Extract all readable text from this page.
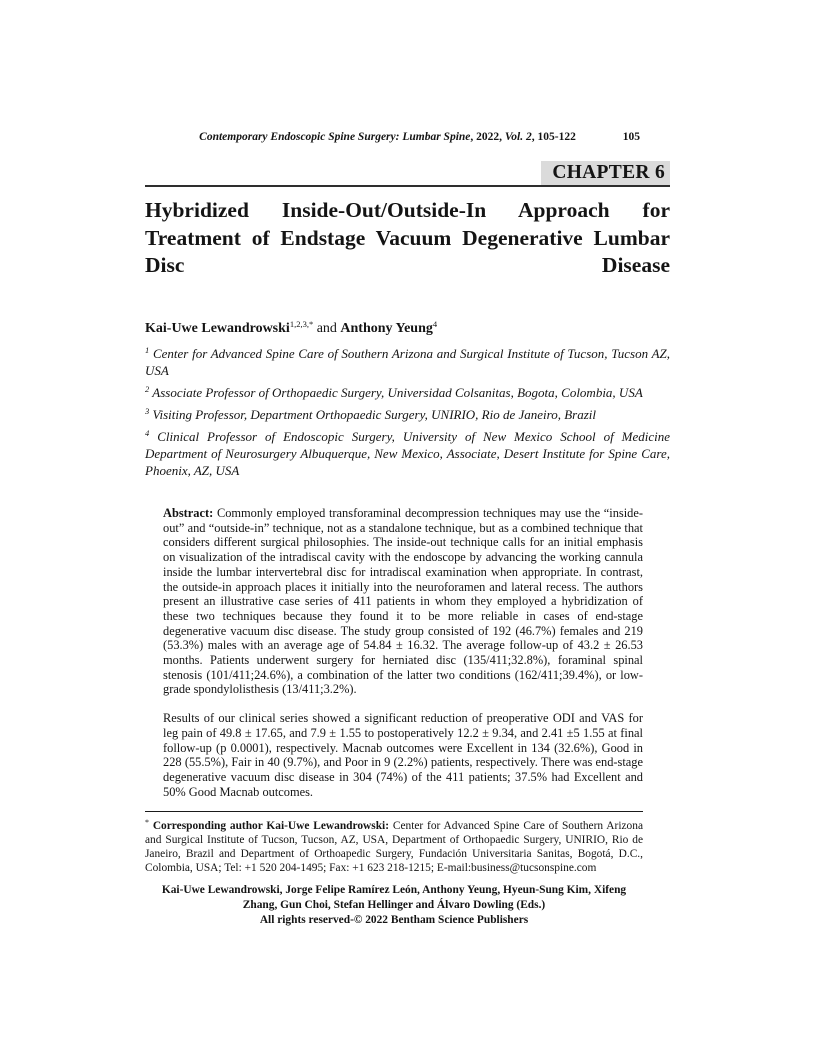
Contemporary Endoscopic Spine Surgery: Lumbar Spine, 2022, Vol. 2, 105-122	105
CHAPTER 6
Hybridized Inside-Out/Outside-In Approach for Treatment of Endstage Vacuum Degenerative Lumbar Disc Disease
Kai-Uwe Lewandrowski$^{1,2,3,*}$ and Anthony Yeung$^4$

$^1$ Center for Advanced Spine Care of Southern Arizona and Surgical Institute of Tucson, Tucson AZ, USA

$^2$ Associate Professor of Orthopaedic Surgery, Universidad Colsanitas, Bogota, Colombia, USA

$^3$ Visiting Professor, Department Orthopaedic Surgery, UNIRIO, Rio de Janeiro, Brazil

$^4$ Clinical Professor of Endoscopic Surgery, University of New Mexico School of Medicine Department of Neurosurgery Albuquerque, New Mexico, Associate, Desert Institute for Spine Care, Phoenix, AZ, USA

Abstract: Commonly employed transforaminal decompression techniques may use the “inside-out” and “outside-in” technique, not as a standalone technique, but as a combined technique that considers different surgical philosophies. The inside-out technique calls for an initial emphasis on visualization of the intradiscal cavity with the endoscope by advancing the working cannula inside the lumbar intervertebral disc for intradiscal examination when appropriate. In contrast, the outside-in approach places it initially into the neuroforamen and lateral recess. The authors present an illustrative case series of 411 patients in whom they employed a hybridization of these two techniques because they found it to be more reliable in cases of end-stage degenerative vacuum disc disease. The study group consisted of 192 (46.7%) females and 219 (53.3%) males with an average age of 54.84 ± 16.32. The average follow-up of 43.2 ± 26.53 months. Patients underwent surgery for herniated disc (135/411;32.8%), foraminal spinal stenosis (101/411;24.6%), a combination of the latter two conditions (162/411;39.4%), or low-grade spondylolisthesis (13/411;3.2%).

Results of our clinical series showed a significant reduction of preoperative ODI and VAS for leg pain of 49.8 ± 17.65, and 7.9 ± 1.55 to postoperatively 12.2 ± 9.34, and 2.41 ±5 1.55 at final follow-up (p 0.0001), respectively. Macnab outcomes were Excellent in 134 (32.6%), Good in 228 (55.5%), Fair in 40 (9.7%), and Poor in 9 (2.2%) patients, respectively. There was end-stage degenerative vacuum disc disease in 304 (74%) of the 411 patients; 37.5% had Excellent and 50% Good Macnab outcomes.

* Corresponding author Kai-Uwe Lewandrowski: Center for Advanced Spine Care of Southern Arizona and Surgical Institute of Tucson, Tucson, AZ, USA, Department of Orthopaedic Surgery, UNIRIO, Rio de Janeiro, Brazil and Department of Orthoapedic Surgery, Fundación Universitaria Sanitas, Bogotá, D.C., Colombia, USA; Tel: +1 520 204-1495; Fax: +1 623 218-1215; E-mail:business@tucsonspine.com

Kai-Uwe Lewandrowski, Jorge Felipe Ramírez León, Anthony Yeung, Hyeun-Sung Kim, Xifeng Zhang, Gun Choi, Stefan Hellinger and Álvaro Dowling (Eds.)

All rights reserved-© 2022 Bentham Science Publishers
